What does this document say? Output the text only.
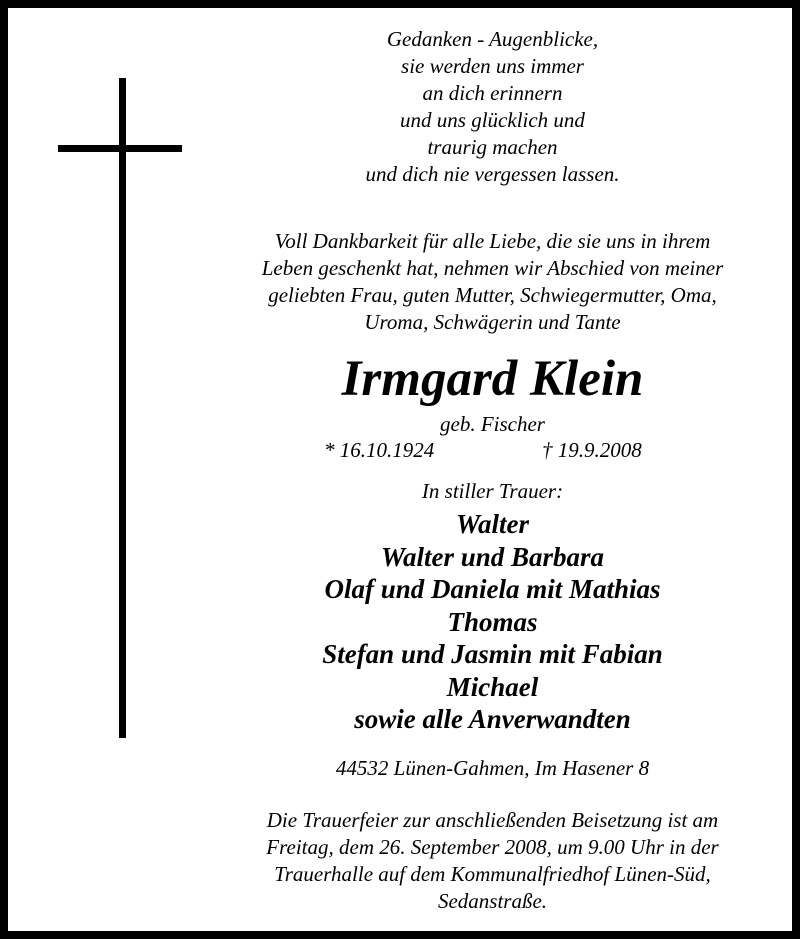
Gedanken - Augenblicke,
sie werden uns immer
an dich erinnern
und uns glücklich und
traurig machen
und dich nie vergessen lassen.
Voll Dankbarkeit für alle Liebe, die sie uns in ihrem
Leben geschenkt hat, nehmen wir Abschied von meiner
geliebten Frau, guten Mutter, Schwiegermutter, Oma,
Uroma, Schwägerin und Tante
Irmgard Klein
geb. Fischer
* 16.10.1924	† 19.9.2008
In stiller Trauer:
Walter
Walter und Barbara
Olaf und Daniela mit Mathias
Thomas
Stefan und Jasmin mit Fabian
Michael
sowie alle Anverwandten
44532 Lünen-Gahmen, Im Hasener 8
Die Trauerfeier zur anschließenden Beisetzung ist am
Freitag, dem 26. September 2008, um 9.00 Uhr in der
Trauerhalle auf dem Kommunalfriedhof Lünen-Süd,
Sedanstraße.
